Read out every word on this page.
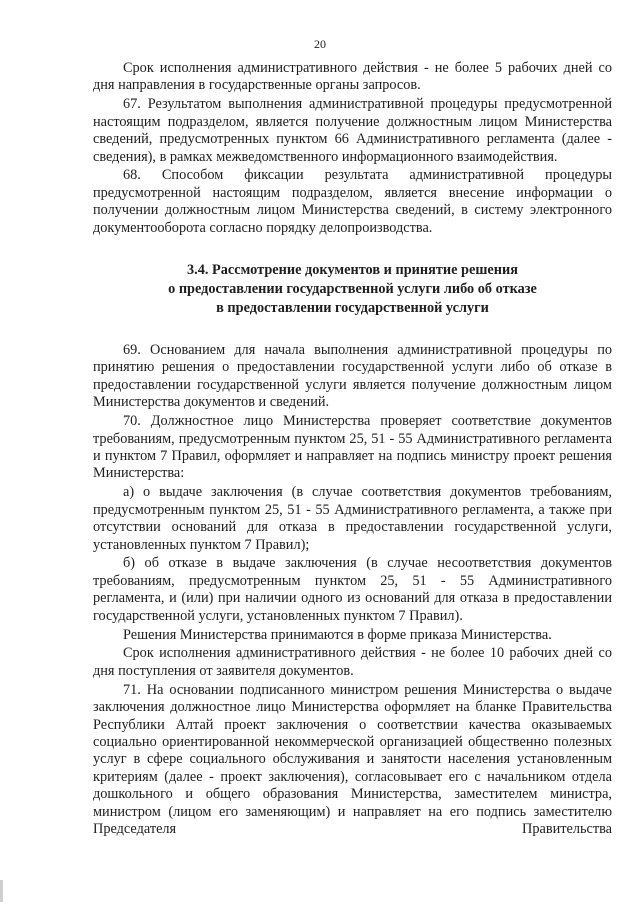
20

Срок исполнения административного действия - не более 5 рабочих дней со дня направления в государственные органы запросов.

67. Результатом выполнения административной процедуры предусмотренной настоящим подразделом, является получение должностным лицом Министерства сведений, предусмотренных пунктом 66 Административного регламента (далее - сведения), в рамках межведомственного информационного взаимодействия.

68. Способом фиксации результата административной процедуры предусмотренной настоящим подразделом, является внесение информации о получении должностным лицом Министерства сведений, в систему электронного документооборота согласно порядку делопроизводства.

3.4. Рассмотрение документов и принятие решения
о предоставлении государственной услуги либо об отказе
в предоставлении государственной услуги

69. Основанием для начала выполнения административной процедуры по принятию решения о предоставлении государственной услуги либо об отказе в предоставлении государственной услуги является получение должностным лицом Министерства документов и сведений.

70. Должностное лицо Министерства проверяет соответствие документов требованиям, предусмотренным пунктом 25, 51 - 55 Административного регламента и пунктом 7 Правил, оформляет и направляет на подпись министру проект решения Министерства:

а) о выдаче заключения (в случае соответствия документов требованиям, предусмотренным пунктом 25, 51 - 55 Административного регламента, а также при отсутствии оснований для отказа в предоставлении государственной услуги, установленных пунктом 7 Правил);

б) об отказе в выдаче заключения (в случае несоответствия документов требованиям, предусмотренным пунктом 25, 51 - 55 Административного регламента, и (или) при наличии одного из оснований для отказа в предоставлении государственной услуги, установленных пунктом 7 Правил).

Решения Министерства принимаются в форме приказа Министерства.

Срок исполнения административного действия - не более 10 рабочих дней со дня поступления от заявителя документов.

71. На основании подписанного министром решения Министерства о выдаче заключения должностное лицо Министерства оформляет на бланке Правительства Республики Алтай проект заключения о соответствии качества оказываемых социально ориентированной некоммерческой организацией общественно полезных услуг в сфере социального обслуживания и занятости населения установленным критериям (далее - проект заключения), согласовывает его с начальником отдела дошкольного и общего образования Министерства, заместителем министра, министром (лицом его заменяющим) и направляет на его подпись заместителю Председателя Правительства
